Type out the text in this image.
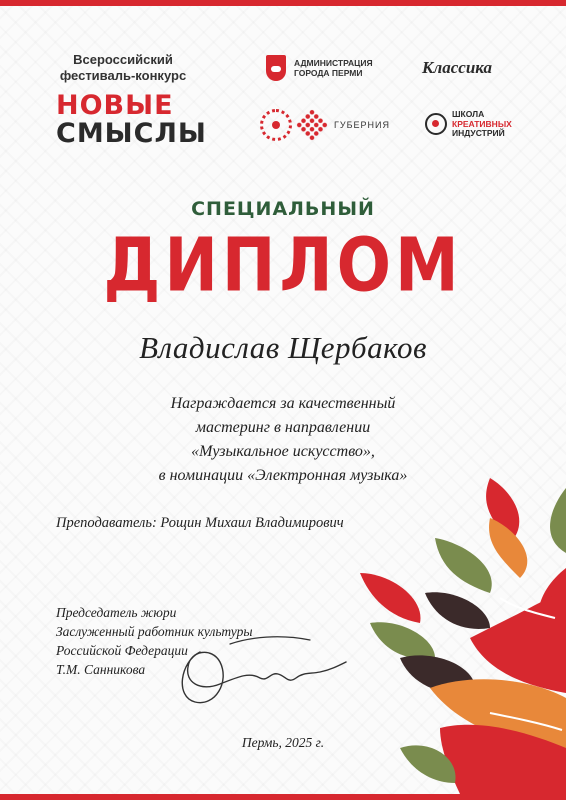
Всероссийский
фестиваль-конкурс
НОВЫЕ
СМЫСЛЫ
АДМИНИСТРАЦИЯ
ГОРОДА ПЕРМИ	Классика
ГУБЕРНИЯ
ШКОЛА
КРЕАТИВНЫХ
ИНДУСТРИЙ
СПЕЦИАЛЬНЫЙ
ДИПЛОМ
Владислав Щербаков
Награждается за качественный
мастеринг в направлении
«Музыкальное искусство»,
в номинации «Электронная музыка»
Преподаватель: Рощин Михаил Владимирович
Председатель жюри
Заслуженный работник культуры
Российской Федерации
Т.М. Санникова
Пермь, 2025 г.
